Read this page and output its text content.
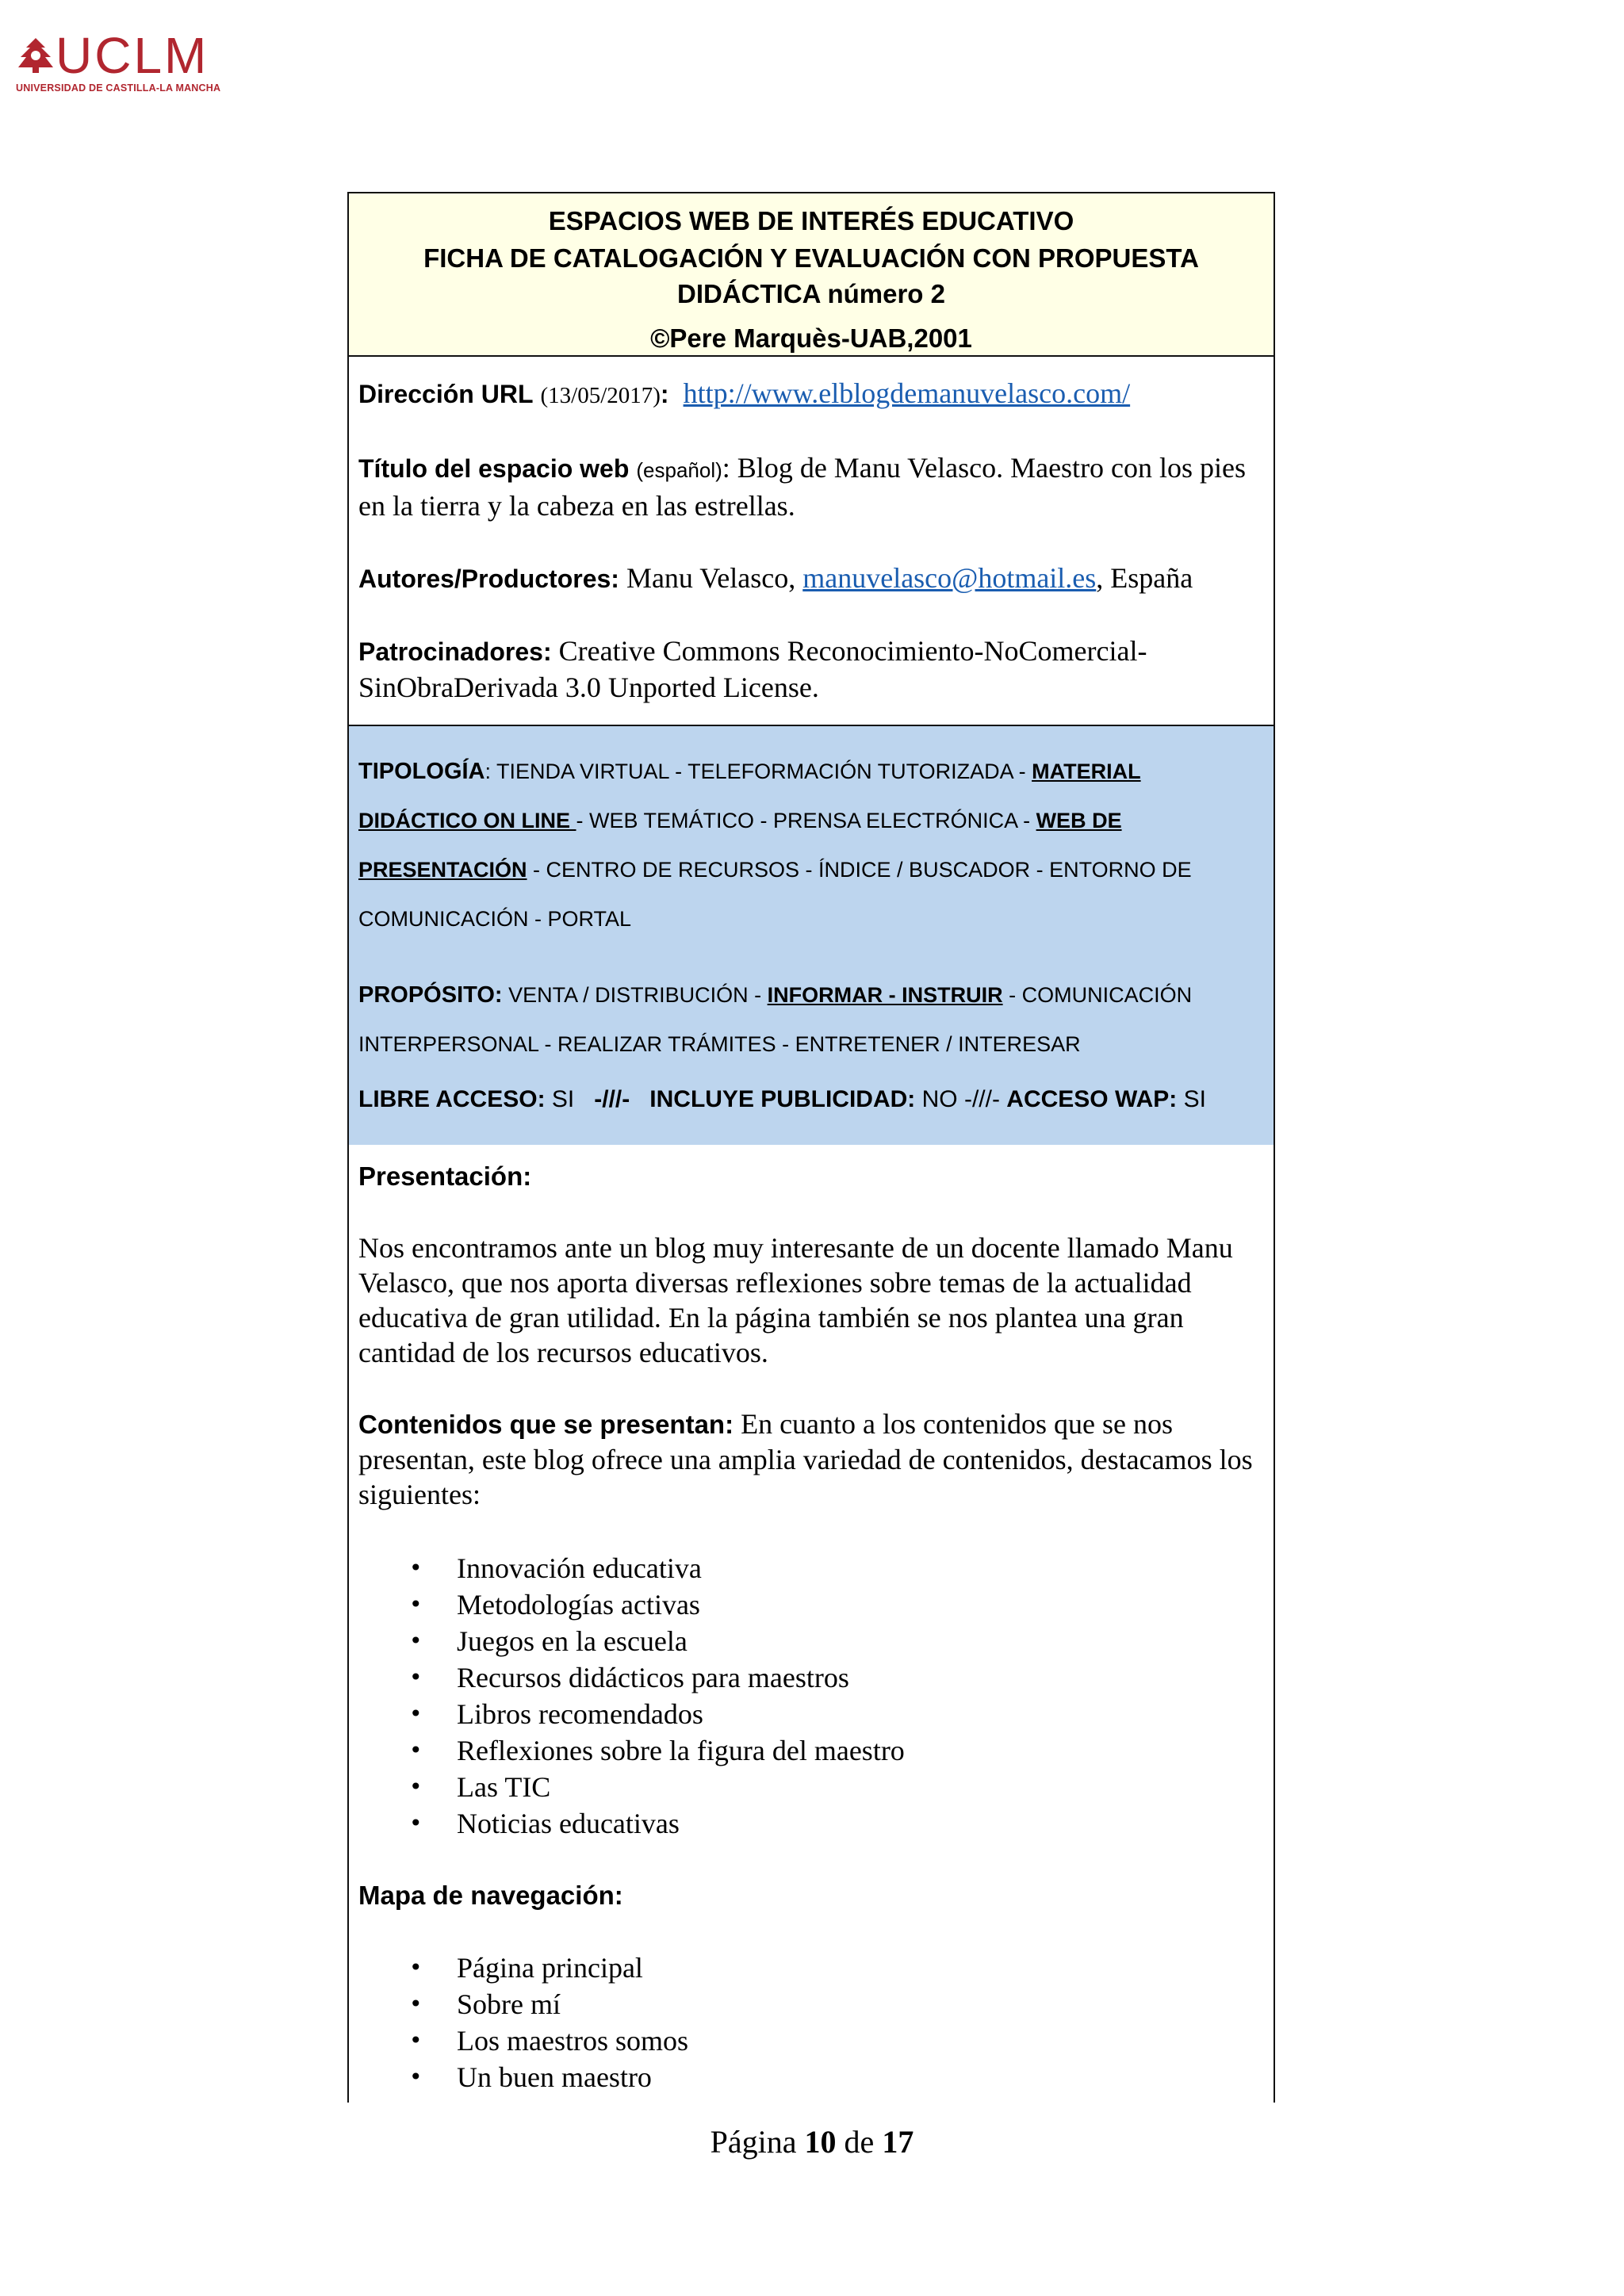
UCLM
UNIVERSIDAD DE CASTILLA-LA MANCHA
ESPACIOS WEB DE INTERÉS EDUCATIVO
FICHA DE CATALOGACIÓN Y EVALUACIÓN CON PROPUESTA
DIDÁCTICA número 2
©Pere Marquès-UAB,2001

Dirección URL (13/05/2017): http://www.elblogdemanuvelasco.com/

Título del espacio web (español): Blog de Manu Velasco. Maestro con los pies en la tierra y la cabeza en las estrellas.

Autores/Productores: Manu Velasco, manuvelasco@hotmail.es, España

Patrocinadores: Creative Commons Reconocimiento-NoComercial-SinObraDerivada 3.0 Unported License.

TIPOLOGÍA: TIENDA VIRTUAL - TELEFORMACIÓN TUTORIZADA - MATERIAL DIDÁCTICO ON LINE - WEB TEMÁTICO - PRENSA ELECTRÓNICA - WEB DE PRESENTACIÓN - CENTRO DE RECURSOS - ÍNDICE / BUSCADOR - ENTORNO DE COMUNICACIÓN - PORTAL
PROPÓSITO: VENTA / DISTRIBUCIÓN - INFORMAR - INSTRUIR - COMUNICACIÓN INTERPERSONAL - REALIZAR TRÁMITES - ENTRETENER / INTERESAR
LIBRE ACCESO: SI -///- INCLUYE PUBLICIDAD: NO -///- ACCESO WAP: SI

Presentación:

Nos encontramos ante un blog muy interesante de un docente llamado Manu Velasco, que nos aporta diversas reflexiones sobre temas de la actualidad educativa de gran utilidad. En la página también se nos plantea una gran cantidad de los recursos educativos.

Contenidos que se presentan: En cuanto a los contenidos que se nos presentan, este blog ofrece una amplia variedad de contenidos, destacamos los siguientes:

• Innovación educativa
• Metodologías activas
• Juegos en la escuela
• Recursos didácticos para maestros
• Libros recomendados
• Reflexiones sobre la figura del maestro
• Las TIC
• Noticias educativas

Mapa de navegación:

• Página principal
• Sobre mí
• Los maestros somos
• Un buen maestro
Página 10 de 17
